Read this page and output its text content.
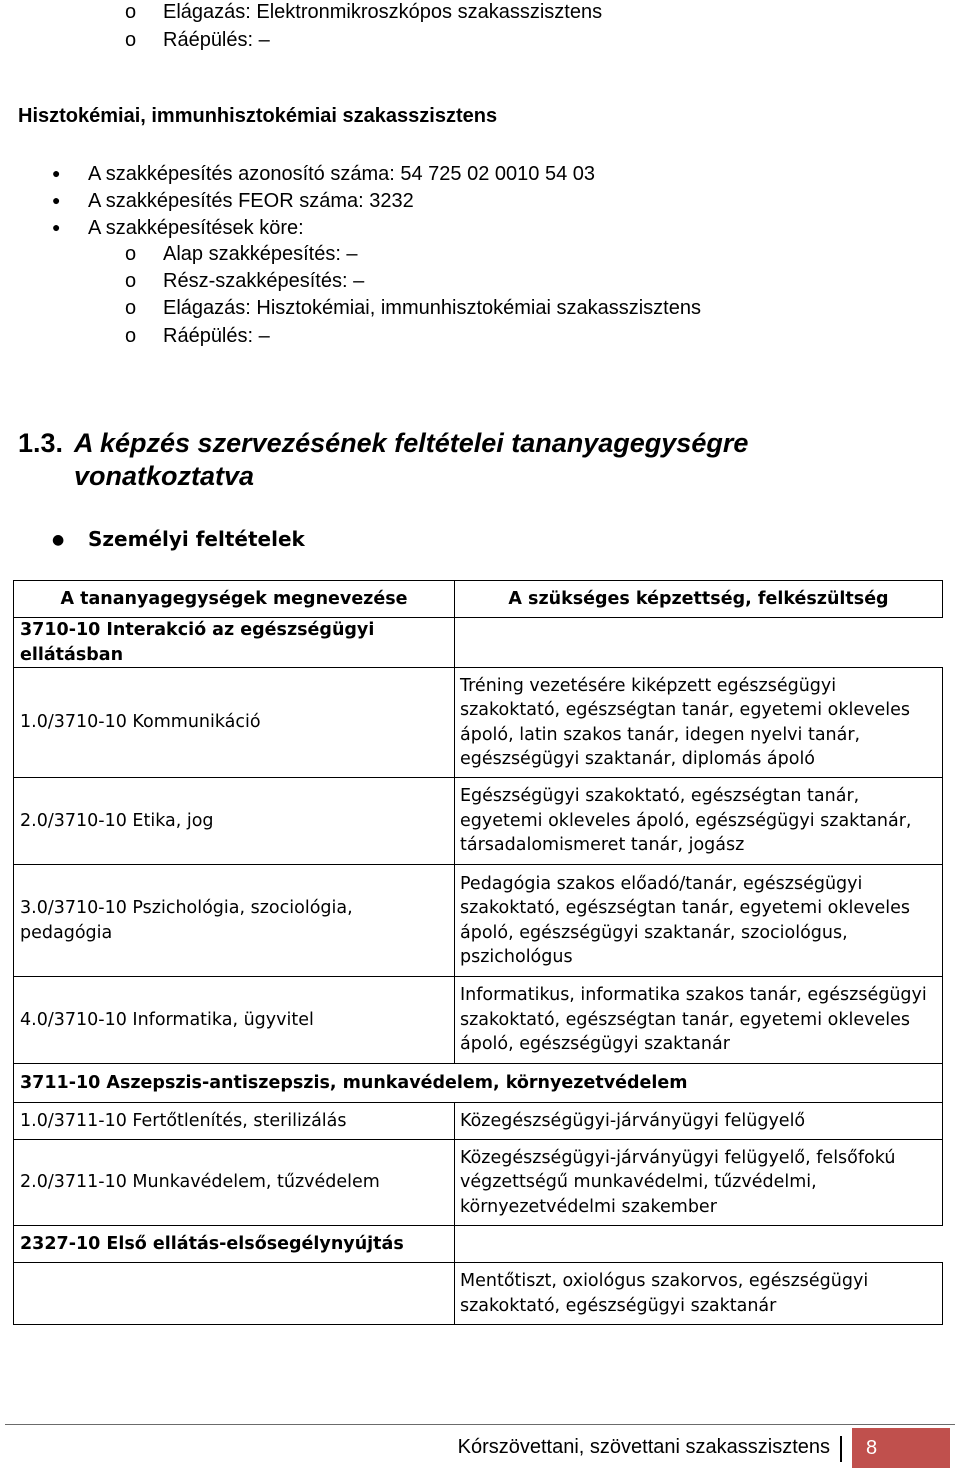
o Elágazás: Elektronmikroszkópos szakasszisztens
o Ráépülés: –
Hisztokémiai, immunhisztokémiai szakasszisztens
● A szakképesítés azonosító száma: 54 725 02 0010 54 03
● A szakképesítés FEOR száma: 3232
● A szakképesítések köre:
o Alap szakképesítés: –
o Rész-szakképesítés: –
o Elágazás: Hisztokémiai, immunhisztokémiai szakasszisztens
o Ráépülés: –
1.3. A képzés szervezésének feltételei tananyagegységre
vonatkoztatva
● Személyi feltételek
A tananyagegységek megnevezése	A szükséges képzettség, felkészültség
3710-10 Interakció az egészségügyi ellátásban	
1.0/3710-10 Kommunikáció	Tréning vezetésére kiképzett egészségügyi szakoktató, egészségtan tanár, egyetemi okleveles ápoló, latin szakos tanár, idegen nyelvi tanár, egészségügyi szaktanár, diplomás ápoló
2.0/3710-10 Etika, jog	Egészségügyi szakoktató, egészségtan tanár, egyetemi okleveles ápoló, egészségügyi szaktanár, társadalomismeret tanár, jogász
3.0/3710-10 Pszichológia, szociológia, pedagógia	Pedagógia szakos előadó/tanár, egészségügyi szakoktató, egészségtan tanár, egyetemi okleveles ápoló, egészségügyi szaktanár, szociológus, pszichológus
4.0/3710-10 Informatika, ügyvitel	Informatikus, informatika szakos tanár, egészségügyi szakoktató, egészségtan tanár, egyetemi okleveles ápoló, egészségügyi szaktanár
3711-10 Aszepszis-antiszepszis, munkavédelem, környezetvédelem	
1.0/3711-10 Fertőtlenítés, sterilizálás	Közegészségügyi-járványügyi felügyelő
2.0/3711-10 Munkavédelem, tűzvédelem	Közegészségügyi-járványügyi felügyelő, felsőfokú végzettségű munkavédelmi, tűzvédelmi, környezetvédelmi szakember
2327-10 Első ellátás-elsősegélynyújtás	
	Mentőtiszt, oxiológus szakorvos, egészségügyi szakoktató, egészségügyi szaktanár
Kórszövettani, szövettani szakasszisztens	8
